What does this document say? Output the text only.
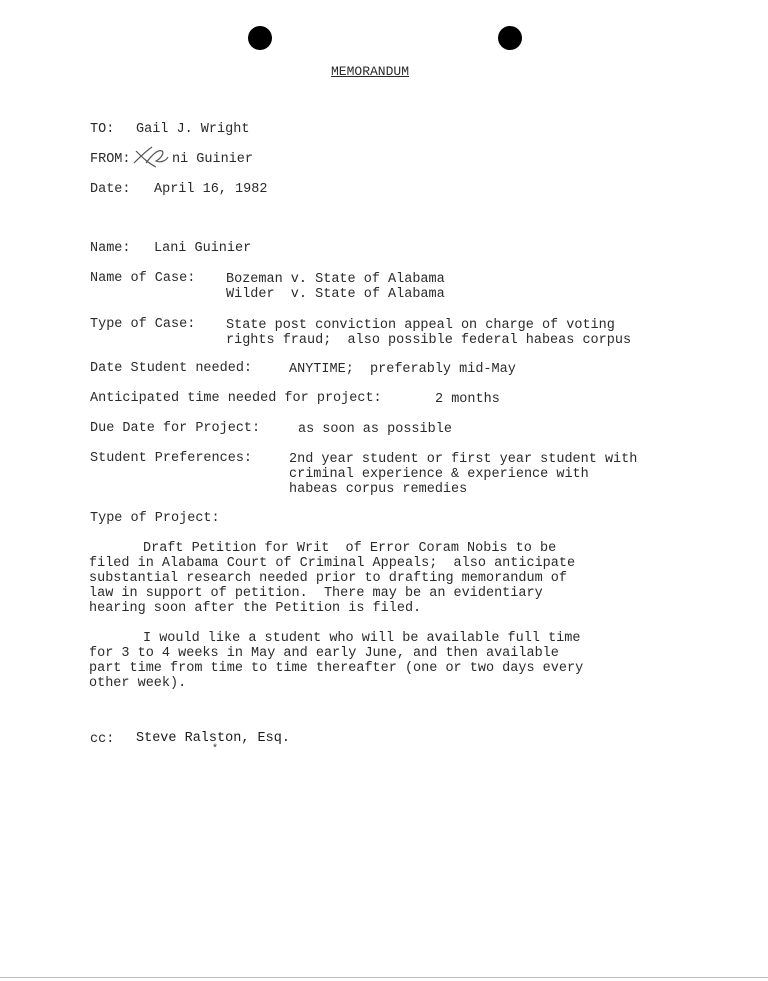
MEMORANDUM
TO: Gail J. Wright
FROM:	ni Guinier
Date: April 16, 1982
Name: Lani Guinier
Name of Case: Bozeman v. State of Alabama
Wilder  v. State of Alabama
Type of Case: State post conviction appeal on charge of voting
rights fraud;  also possible federal habeas corpus
Date Student needed:	ANYTIME;  preferably mid-May
Anticipated time needed for project:	2 months
Due Date for Project:	as soon as possible
Student Preferences:	2nd year student or first year student with
criminal experience & experience with
habeas corpus remedies
Type of Project:
Draft Petition for Writ  of Error Coram Nobis to be
filed in Alabama Court of Criminal Appeals;  also anticipate
substantial research needed prior to drafting memorandum of
law in support of petition.  There may be an evidentiary
hearing soon after the Petition is filed.
I would like a student who will be available full time
for 3 to 4 weeks in May and early June, and then available
part time from time to time thereafter (one or two days every
other week).
cc: Steve Ralston, Esq.
*
